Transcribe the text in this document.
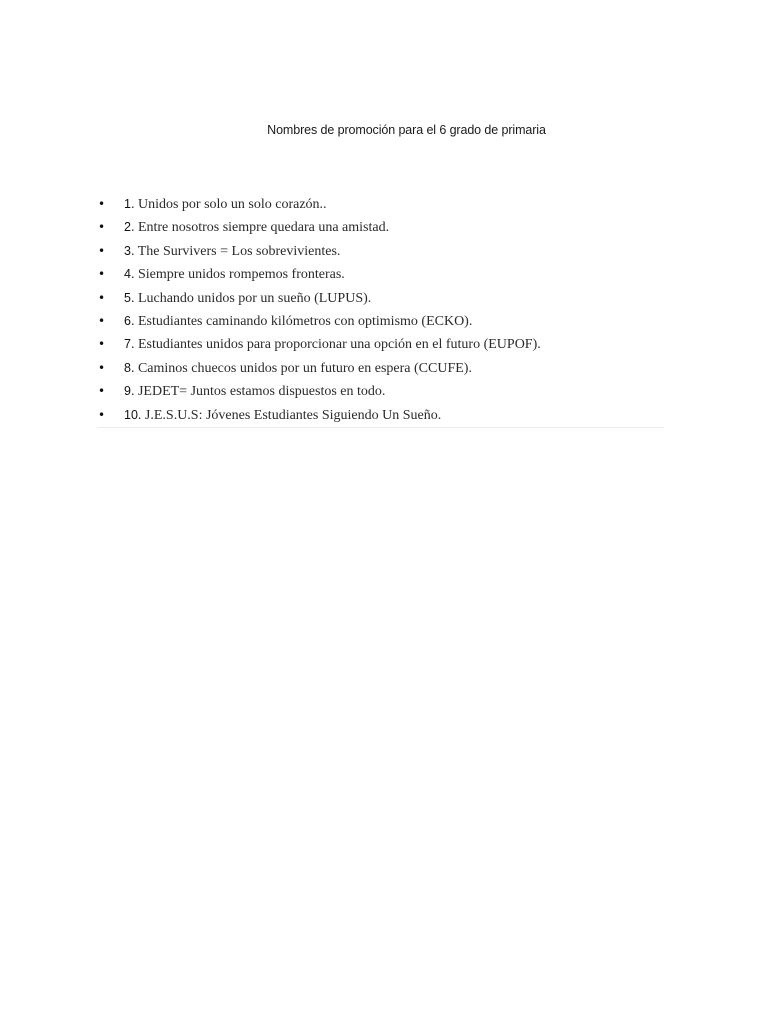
Nombres de promoción para el 6 grado de primaria
• 1. Unidos por solo un solo corazón..
• 2. Entre nosotros siempre quedara una amistad.
• 3. The Survivers = Los sobrevivientes.
• 4. Siempre unidos rompemos fronteras.
• 5. Luchando unidos por un sueño (LUPUS).
• 6. Estudiantes caminando kilómetros con optimismo (ECKO).
• 7. Estudiantes unidos para proporcionar una opción en el futuro (EUPOF).
• 8. Caminos chuecos unidos por un futuro en espera (CCUFE).
• 9. JEDET= Juntos estamos dispuestos en todo.
• 10. J.E.S.U.S: Jóvenes Estudiantes Siguiendo Un Sueño.
